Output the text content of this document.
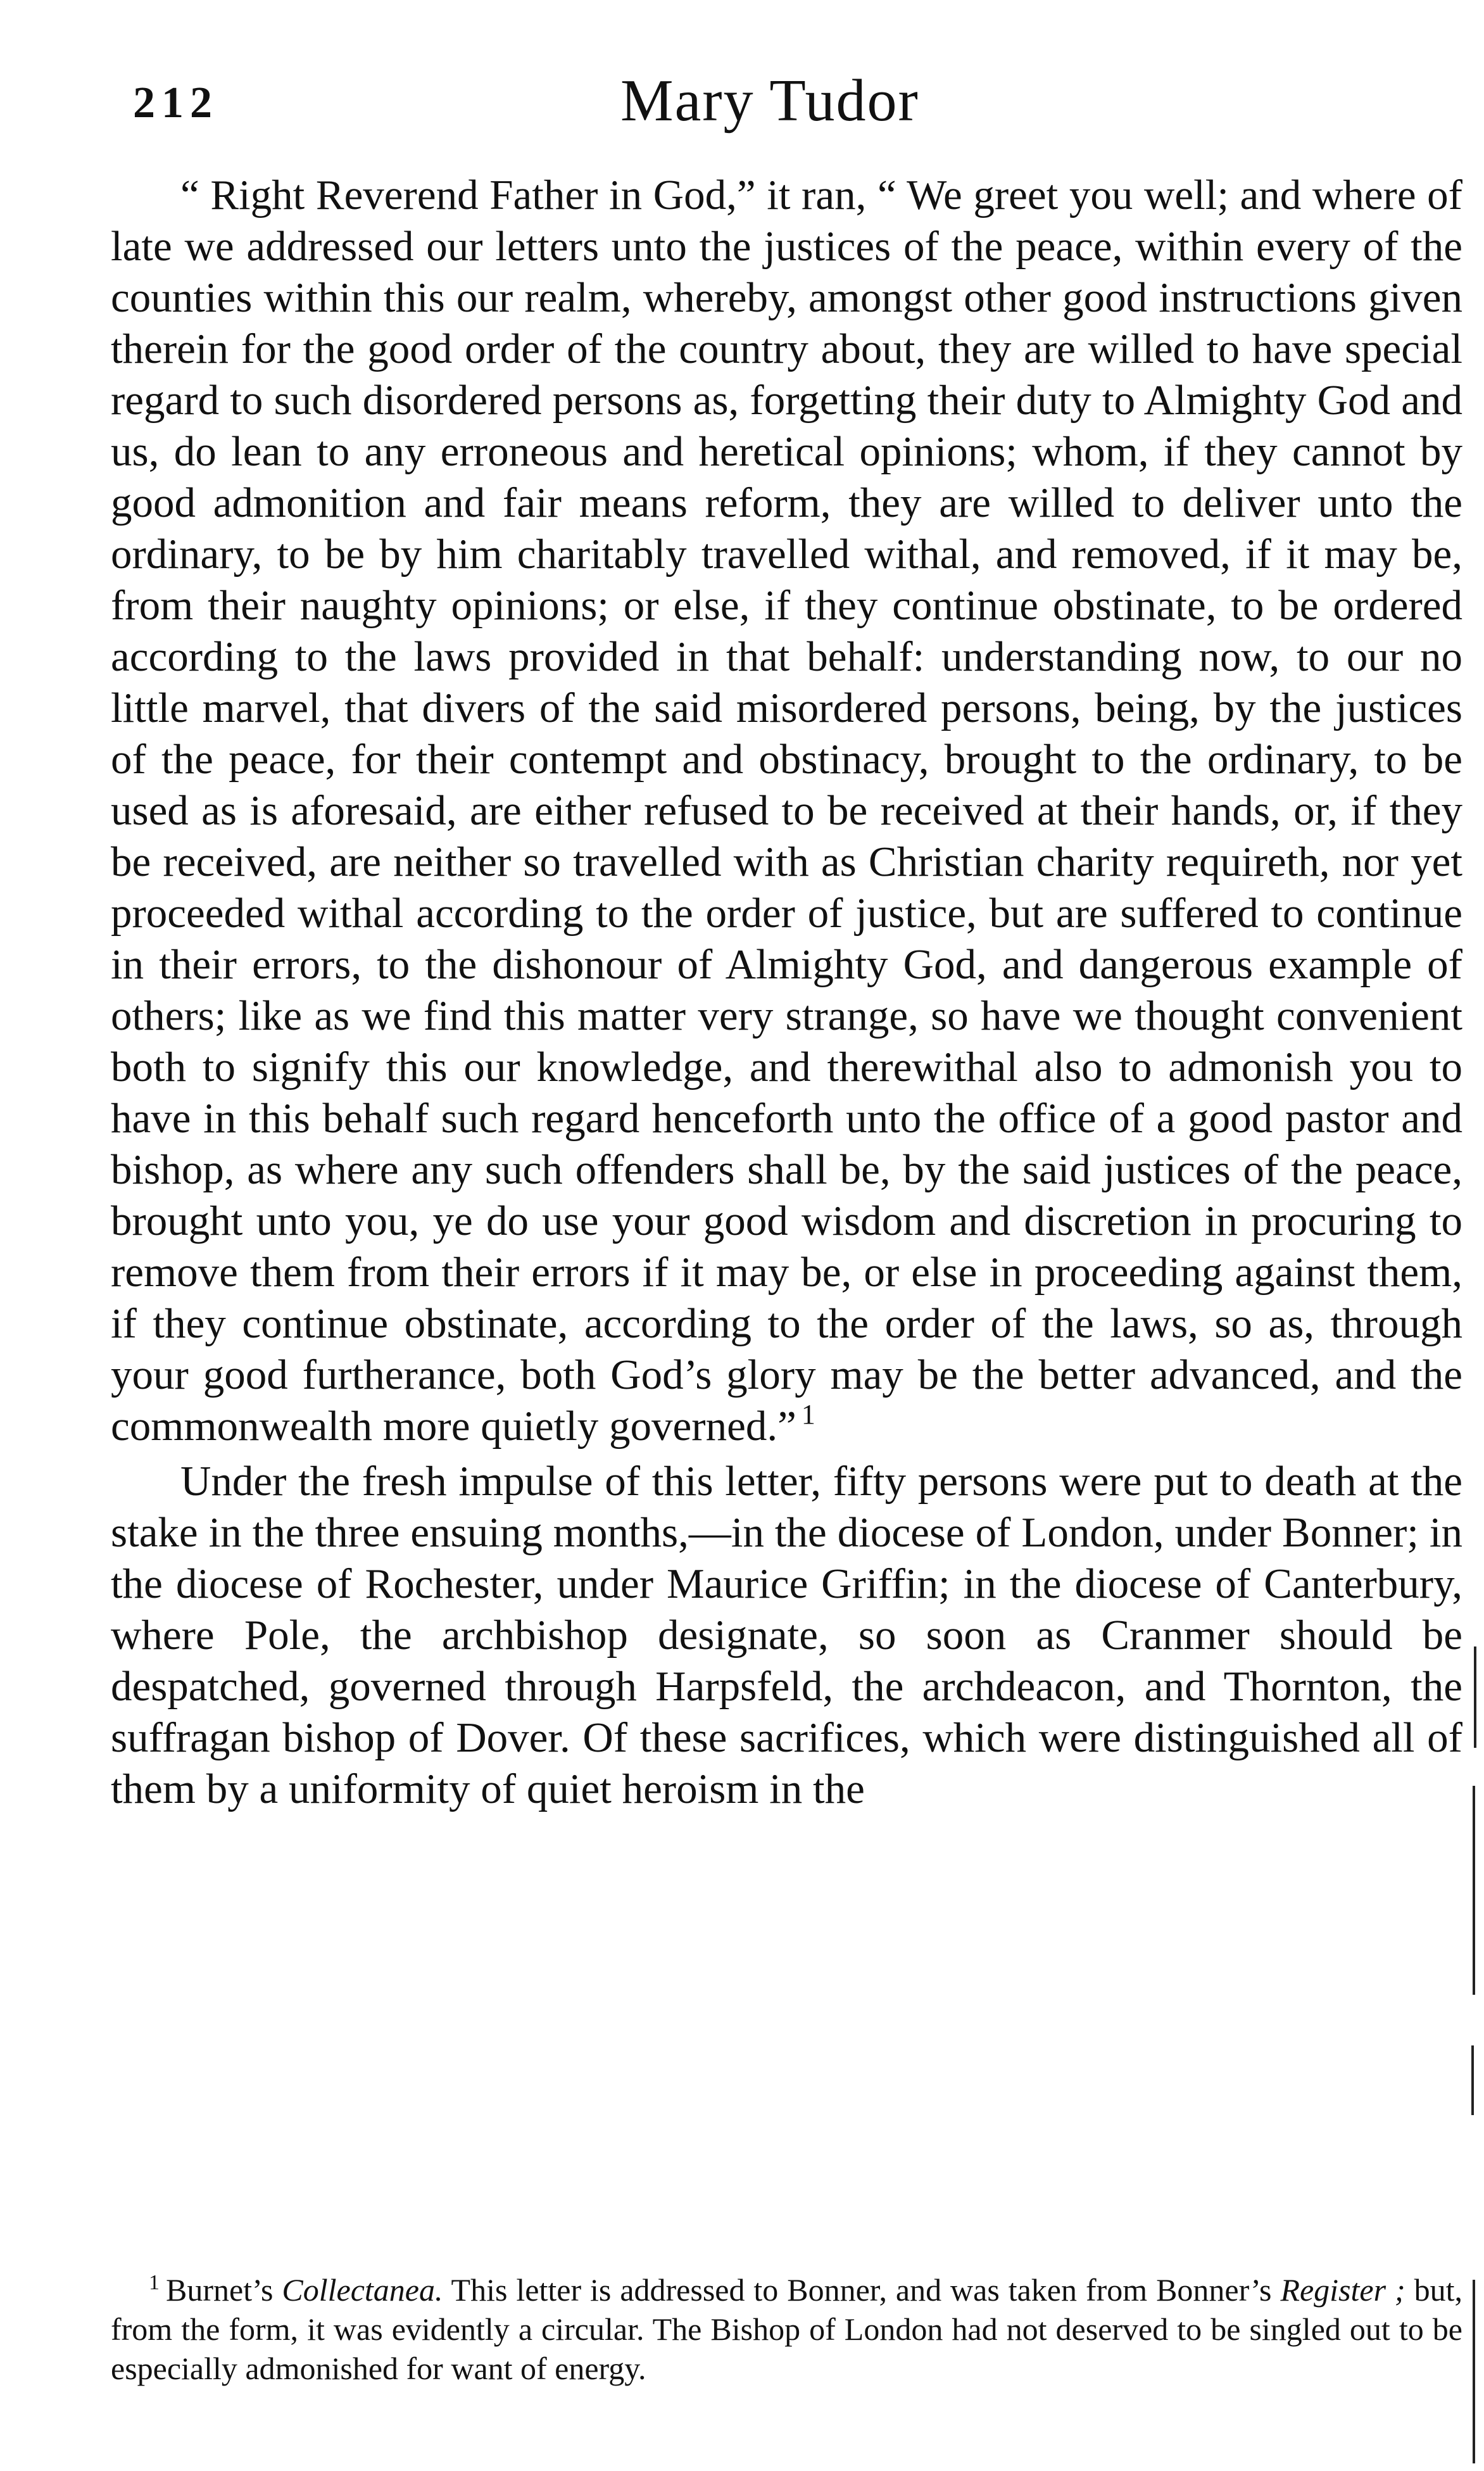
212	Mary Tudor

“ Right Reverend Father in God,” it ran, “ We greet you well; and where of late we addressed our letters unto the justices of the peace, within every of the counties within this our realm, whereby, amongst other good instructions given therein for the good order of the country about, they are willed to have special regard to such disordered persons as, forgetting their duty to Almighty God and us, do lean to any erroneous and heretical opinions; whom, if they cannot by good admonition and fair means reform, they are willed to deliver unto the ordinary, to be by him charitably travelled withal, and removed, if it may be, from their naughty opinions; or else, if they continue obstinate, to be ordered according to the laws provided in that behalf: understanding now, to our no little marvel, that divers of the said misordered persons, being, by the justices of the peace, for their contempt and obstinacy, brought to the ordinary, to be used as is aforesaid, are either refused to be received at their hands, or, if they be received, are neither so travelled with as Christian charity requireth, nor yet proceeded withal according to the order of justice, but are suffered to continue in their errors, to the dishonour of Almighty God, and dangerous example of others; like as we find this matter very strange, so have we thought convenient both to signify this our knowledge, and therewithal also to admonish you to have in this behalf such regard henceforth unto the office of a good pastor and bishop, as where any such offenders shall be, by the said justices of the peace, brought unto you, ye do use your good wisdom and discretion in procuring to remove them from their errors if it may be, or else in proceeding against them, if they continue obstinate, according to the order of the laws, so as, through your good furtherance, both God’s glory may be the better advanced, and the commonwealth more quietly governed.” $^1$

Under the fresh impulse of this letter, fifty persons were put to death at the stake in the three ensuing months,—in the diocese of London, under Bonner; in the diocese of Rochester, under Maurice Griffin; in the diocese of Canterbury, where Pole, the archbishop designate, so soon as Cranmer should be despatched, governed through Harpsfeld, the archdeacon, and Thornton, the suffragan bishop of Dover. Of these sacrifices, which were distinguished all of them by a uniformity of quiet heroism in the

$^1$ Burnet’s Collectanea. This letter is addressed to Bonner, and was taken from Bonner’s Register ; but, from the form, it was evidently a circular. The Bishop of London had not deserved to be singled out to be especially admonished for want of energy.
